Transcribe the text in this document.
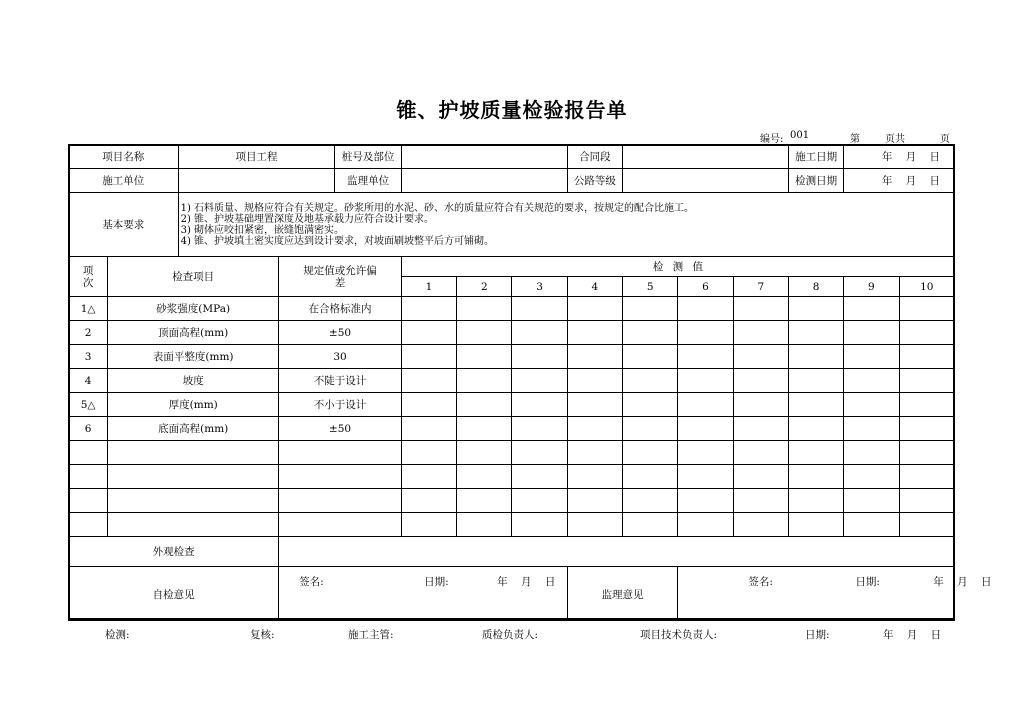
锥、护坡质量检验报告单
编号: 001	第	页共	页
项目名称		项目工程		桩号及部位				合同段				施工日期	年 月 日	
施工单位				监理单位				公路等级				检测日期	年 月 日	
基本要求		1) 石料质量、规格应符合有关规定。砂浆所用的水泥、砂、水的质量应符合有关规范的要求，按规定的配合比施工。
2) 锥、护坡基础埋置深度及地基承载力应符合设计要求。
3) 砌体应咬扣紧密，嵌缝饱满密实。
4) 锥、护坡填土密实度应达到设计要求，对坡面刷坡整平后方可铺砌。												

项次	检查项目		规定值或允许偏差		检 测 值									
					1	2	3	4	5	6	7	8	9	10
1△	砂浆强度(MPa)		在合格标准内											
2	顶面高程(mm)		±50											
3	表面平整度(mm)		30											
4	坡度		不陡于设计											
5△	厚度(mm)		不小于设计											
6	底面高程(mm)		±50											

外观检查														
自检意见			签名: 日期: 年 月 日					监理意见		签名: 日期: 年 月 日				
检测:	复核:	施工主管:	质检负责人:	项目技术负责人:	日期:	年 月 日
